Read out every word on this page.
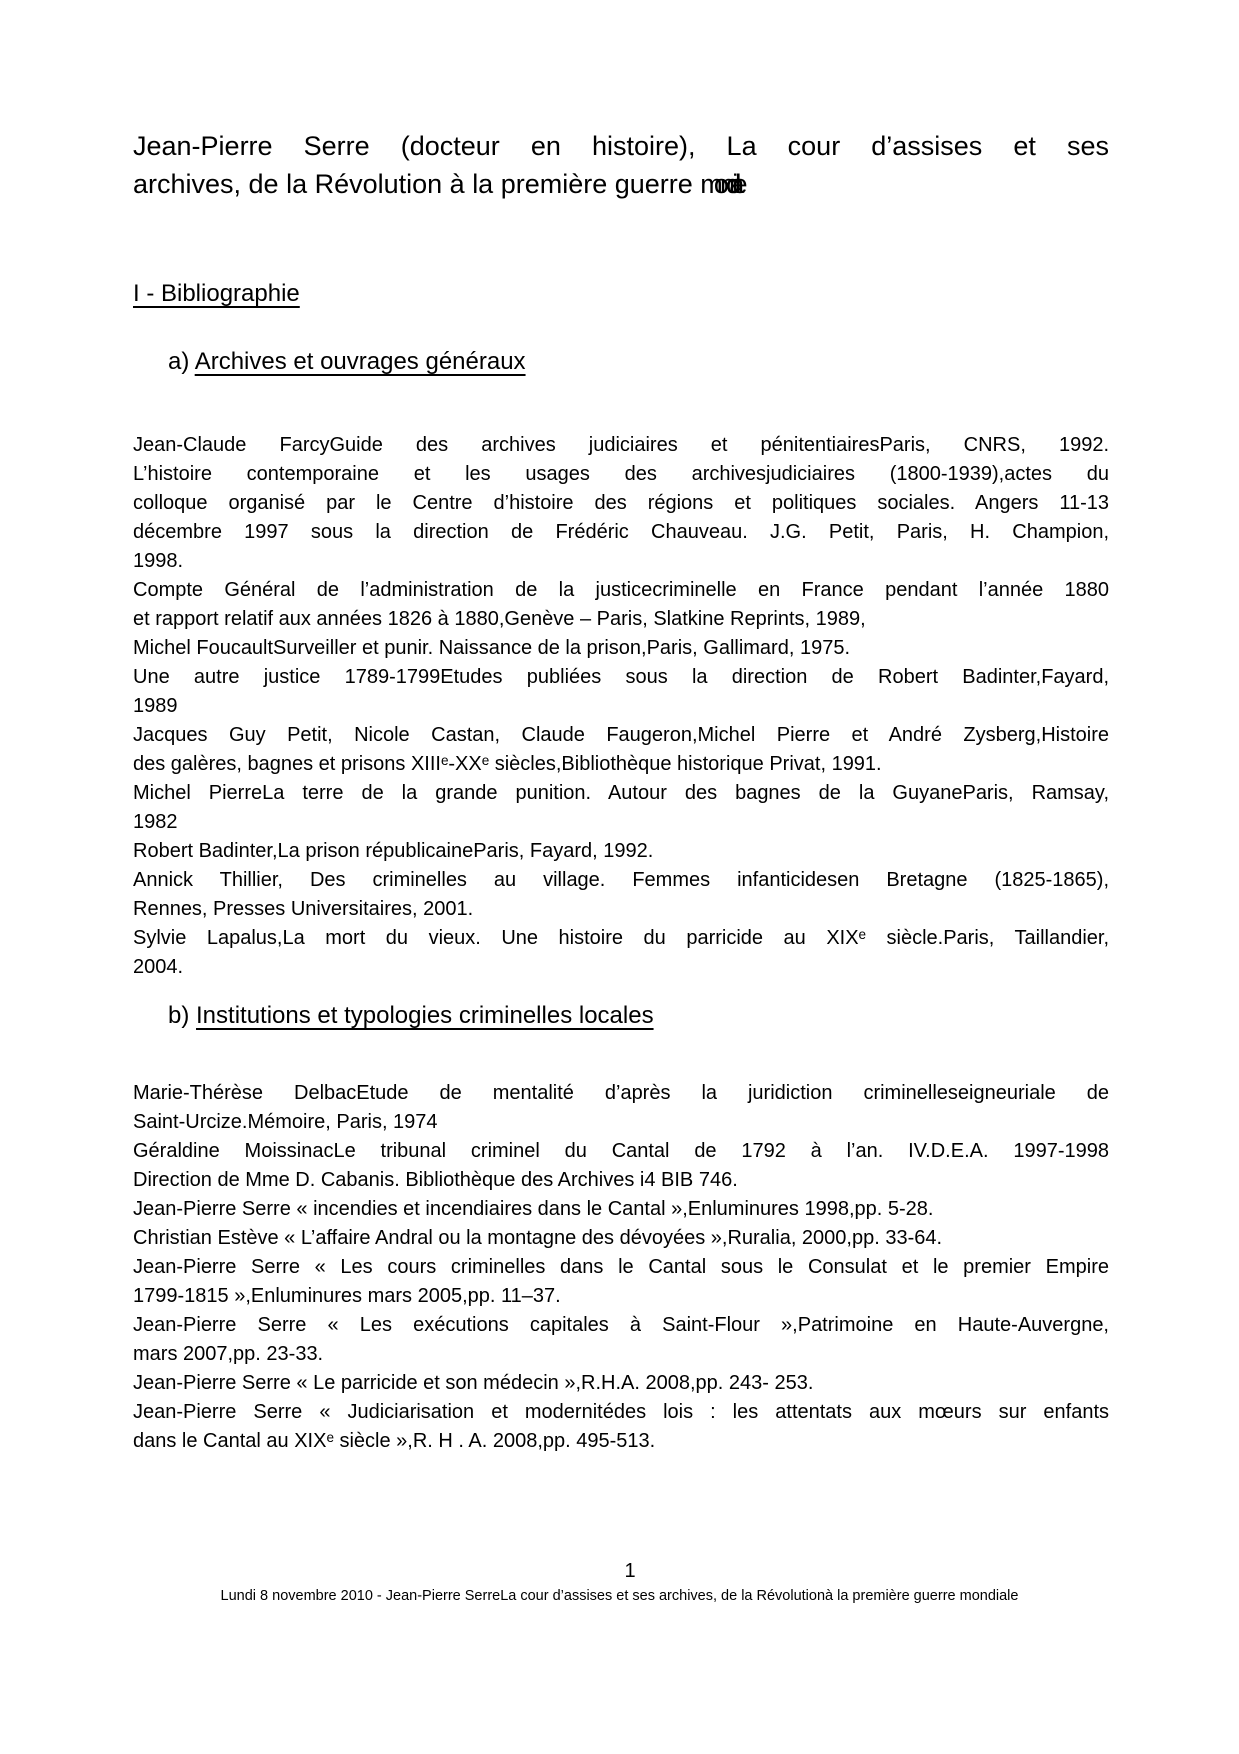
Jean-Pierre Serre (docteur en histoire), La cour d’assises et ses
archives, de la Révolution à la première guerre mondiale
I - Bibliographie
a) Archives et ouvrages généraux
Jean-Claude FarcyGuide des archives judiciaires et pénitentiairesParis, CNRS, 1992.
L’histoire contemporaine et les usages des archivesjudiciaires (1800-1939),actes du
colloque organisé par le Centre d’histoire des régions et politiques sociales. Angers 11-13
décembre 1997 sous la direction de Frédéric Chauveau. J.G. Petit, Paris, H. Champion,
1998.
Compte Général de l’administration de la justicecriminelle en France pendant l’année 1880
et rapport relatif aux années 1826 à 1880,Genève – Paris, Slatkine Reprints, 1989,
Michel FoucaultSurveiller et punir. Naissance de la prison,Paris, Gallimard, 1975.
Une autre justice 1789-1799Etudes publiées sous la direction de Robert Badinter,Fayard,
1989
Jacques Guy Petit, Nicole Castan, Claude Faugeron,Michel Pierre et André Zysberg,Histoire
des galères, bagnes et prisons XIIIᵉ-XXᵉ siècles,Bibliothèque historique Privat, 1991.
Michel PierreLa terre de la grande punition. Autour des bagnes de la GuyaneParis, Ramsay,
1982
Robert Badinter,La prison républicaineParis, Fayard, 1992.
Annick Thillier, Des criminelles au village. Femmes infanticidesen Bretagne (1825-1865),
Rennes, Presses Universitaires, 2001.
Sylvie Lapalus,La mort du vieux. Une histoire du parricide au XIXᵉ siècle.Paris, Taillandier,
2004.
b) Institutions et typologies criminelles locales
Marie-Thérèse DelbacEtude de mentalité d’après la juridiction criminelleseigneuriale de
Saint-Urcize.Mémoire, Paris, 1974
Géraldine MoissinacLe tribunal criminel du Cantal de 1792 à l’an. IV.D.E.A. 1997-1998
Direction de Mme D. Cabanis. Bibliothèque des Archives i4 BIB 746.
Jean-Pierre Serre « incendies et incendiaires dans le Cantal »,Enluminures 1998,pp. 5-28.
Christian Estève « L’affaire Andral ou la montagne des dévoyées »,Ruralia, 2000,pp. 33-64.
Jean-Pierre Serre « Les cours criminelles dans le Cantal sous le Consulat et le premier Empire
1799-1815 »,Enluminures mars 2005,pp. 11–37.
Jean-Pierre Serre « Les exécutions capitales à Saint-Flour »,Patrimoine en Haute-Auvergne,
mars 2007,pp. 23-33.
Jean-Pierre Serre « Le parricide et son médecin »,R.H.A. 2008,pp. 243- 253.
Jean-Pierre Serre « Judiciarisation et modernitédes lois : les attentats aux mœurs sur enfants
dans le Cantal au XIXᵉ siècle »,R. H . A. 2008,pp. 495-513.
1
Lundi 8 novembre 2010 - Jean-Pierre SerreLa cour d’assises et ses archives, de la Révolutionà la première guerre mondiale
